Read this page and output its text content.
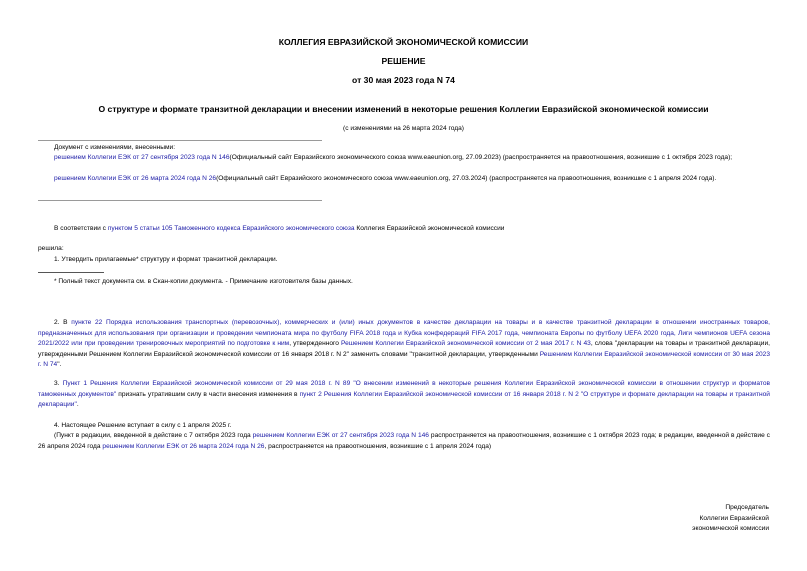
КОЛЛЕГИЯ ЕВРАЗИЙСКОЙ ЭКОНОМИЧЕСКОЙ КОМИССИИ
РЕШЕНИЕ
от 30 мая 2023 года N 74
О структуре и формате транзитной декларации и внесении изменений в некоторые решения Коллегии Евразийской экономической комиссии
(с изменениями на 26 марта 2024 года)
Документ с изменениями, внесенными:
решением Коллегии ЕЭК от 27 сентября 2023 года N 146(Официальный сайт Евразийского экономического союза www.eaeunion.org, 27.09.2023) (распространяется на правоотношения, возникшие с 1 октября 2023 года);
решением Коллегии ЕЭК от 26 марта 2024 года N 26(Официальный сайт Евразийского экономического союза www.eaeunion.org, 27.03.2024) (распространяется на правоотношения, возникшие с 1 апреля 2024 года).
В соответствии с пунктом 5 статьи 105 Таможенного кодекса Евразийского экономического союза Коллегия Евразийской экономической комиссии
решила:
1. Утвердить прилагаемые* структуру и формат транзитной декларации.
* Полный текст документа см. в Скан-копии документа. - Примечание изготовителя базы данных.
2. В пункте 22 Порядка использования транспортных (перевозочных), коммерческих и (или) иных документов в качестве декларации на товары и в качестве транзитной декларации в отношении иностранных товаров, предназначенных для использования при организации и проведении чемпионата мира по футболу FIFA 2018 года и Кубка конфедераций FIFA 2017 года, чемпионата Европы по футболу UEFA 2020 года, Лиги чемпионов UEFA сезона 2021/2022 или при проведении тренировочных мероприятий по подготовке к ним, утвержденного Решением Коллегии Евразийской экономической комиссии от 2 мая 2017 г. N 43, слова "декларации на товары и транзитной декларации, утвержденными Решением Коллегии Евразийской экономической комиссии от 16 января 2018 г. N 2" заменить словами "транзитной декларации, утвержденными Решением Коллегии Евразийской экономической комиссии от 30 мая 2023 г. N 74".
3. Пункт 1 Решения Коллегии Евразийской экономической комиссии от 29 мая 2018 г. N 89 "О внесении изменений в некоторые решения Коллегии Евразийской экономической комиссии в отношении структур и форматов таможенных документов" признать утратившим силу в части внесения изменения в пункт 2 Решения Коллегии Евразийской экономической комиссии от 16 января 2018 г. N 2 "О структуре и формате декларации на товары и транзитной декларации".
4. Настоящее Решение вступает в силу с 1 апреля 2025 г.
(Пункт в редакции, введенной в действие с 7 октября 2023 года решением Коллегии ЕЭК от 27 сентября 2023 года N 146 распространяется на правоотношения, возникшие с 1 октября 2023 года; в редакции, введенной в действие с 26 апреля 2024 года решением Коллегии ЕЭК от 26 марта 2024 года N 26, распространяется на правоотношения, возникшие с 1 апреля 2024 года)
Председатель
Коллегии Евразийской
экономической комиссии
